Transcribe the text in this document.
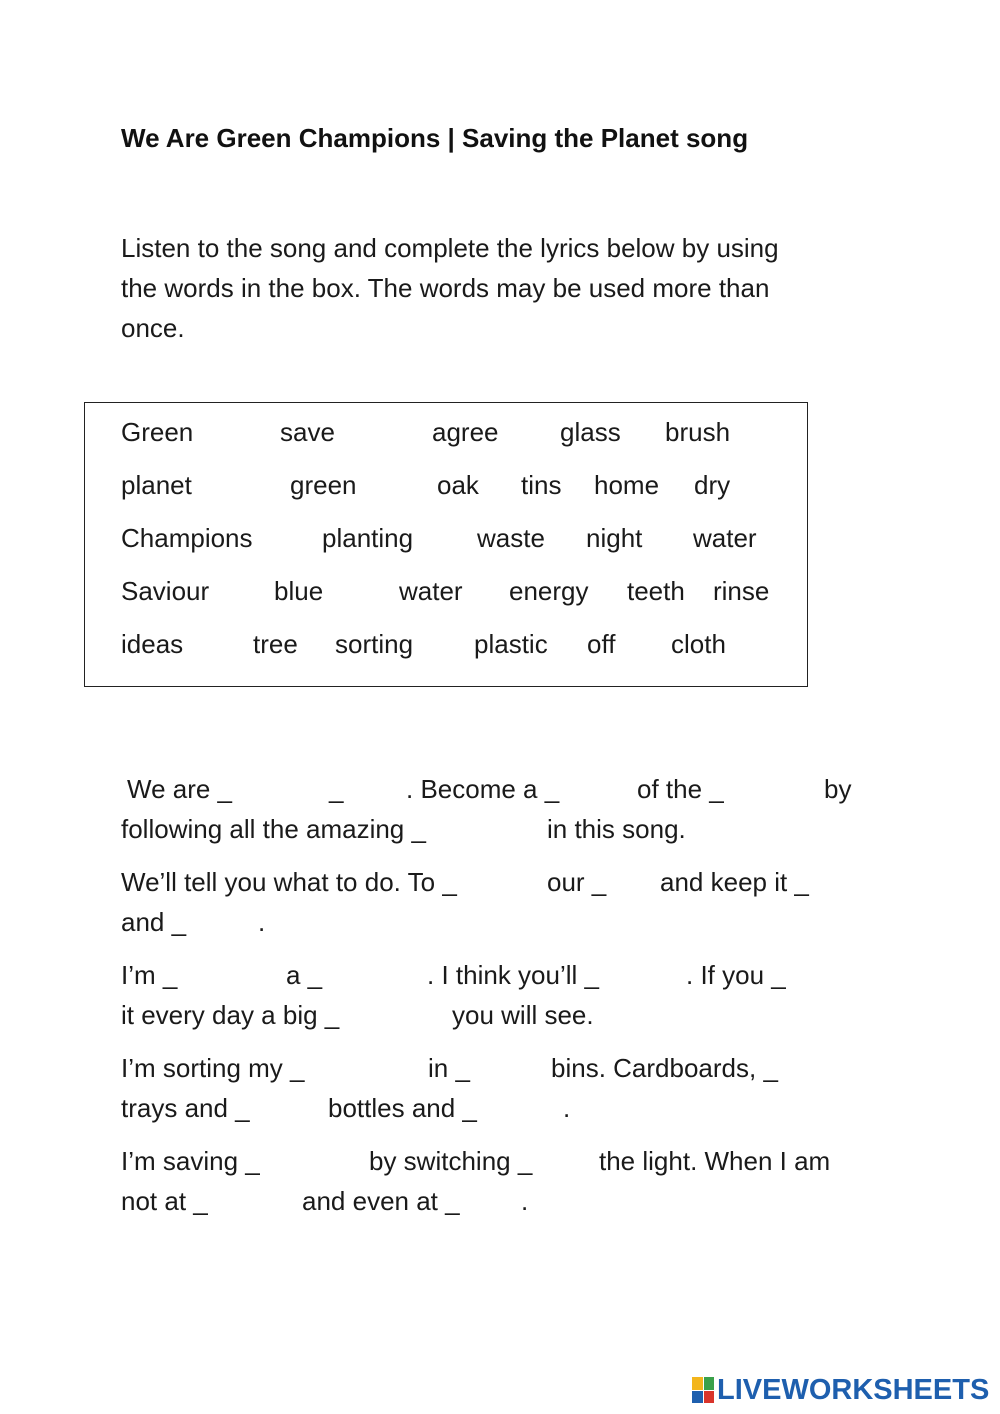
We Are Green Champions | Saving the Planet song
Listen to the song and complete the lyrics below by using
the words in the box. The words may be used more than
once.
Green	save	agree glass brush
planet	green	oak tins home dry
Champions	planting waste night water
Saviour blue	water energy teeth rinse
ideas	tree sorting plastic off cloth
We are _	_ . Become a _	of the _	by
following all the amazing _	in this song.
We’ll tell you what to do. To _	our _ and keep it _
and _	.
I’m _	a _	. I think you’ll _	. If you _
it every day a big _	you will see.
I’m sorting my _	in _	bins. Cardboards, _
trays and _	bottles and _	.
I’m saving _	by switching _	the light. When I am
not at _	and even at _ .
LIVEWORKSHEETS
